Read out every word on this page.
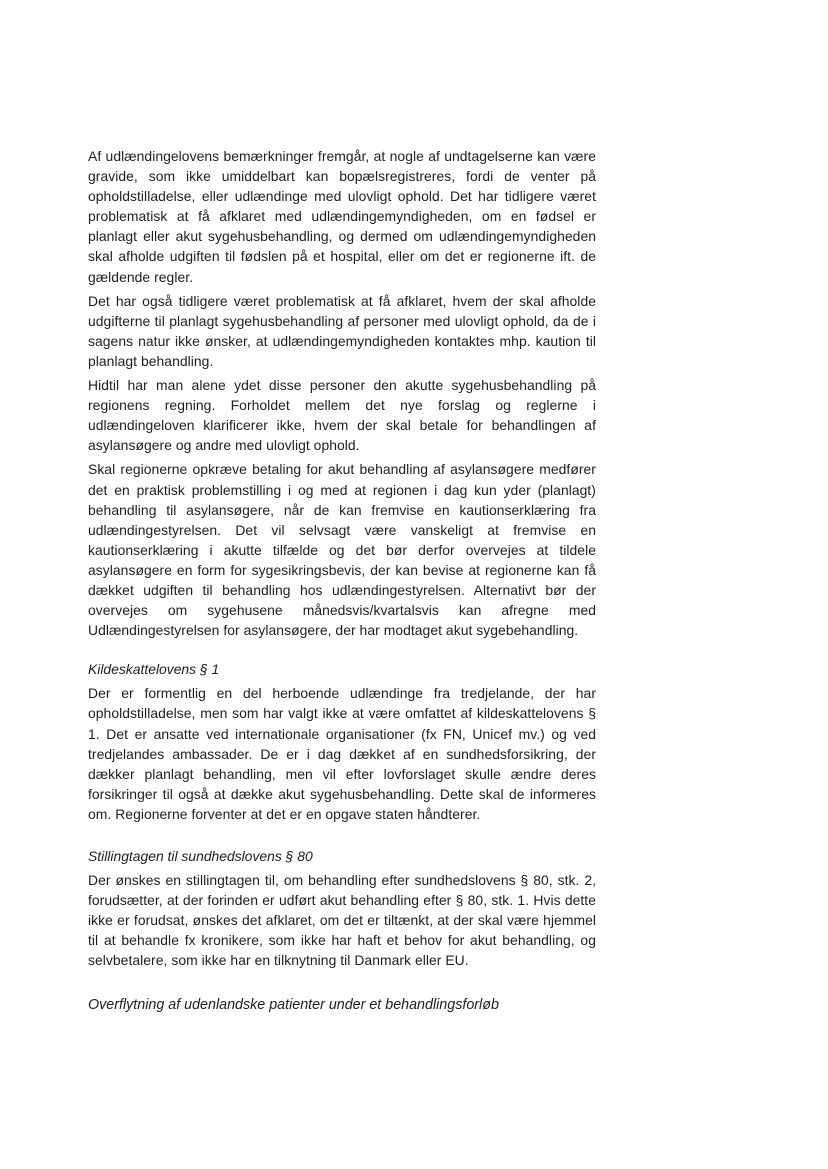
Af udlændingelovens bemærkninger fremgår, at nogle af undtagelserne kan være gravide, som ikke umiddelbart kan bopælsregistreres, fordi de venter på opholdstilladelse, eller udlændinge med ulovligt ophold. Det har tidligere været problematisk at få afklaret med udlændingemyndigheden, om en fødsel er planlagt eller akut sygehusbehandling, og dermed om udlændingemyndigheden skal afholde udgiften til fødslen på et hospital, eller om det er regionerne ift. de gældende regler.

Det har også tidligere været problematisk at få afklaret, hvem der skal afholde udgifterne til planlagt sygehusbehandling af personer med ulovligt ophold, da de i sagens natur ikke ønsker, at udlændingemyndigheden kontaktes mhp. kaution til planlagt behandling.

Hidtil har man alene ydet disse personer den akutte sygehusbehandling på regionens regning. Forholdet mellem det nye forslag og reglerne i udlændingeloven klarificerer ikke, hvem der skal betale for behandlingen af asylansøgere og andre med ulovligt ophold.

Skal regionerne opkræve betaling for akut behandling af asylansøgere medfører det en praktisk problemstilling i og med at regionen i dag kun yder (planlagt) behandling til asylansøgere, når de kan fremvise en kautionserklæring fra udlændingestyrelsen. Det vil selvsagt være vanskeligt at fremvise en kautionserklæring i akutte tilfælde og det bør derfor overvejes at tildele asylansøgere en form for sygesikringsbevis, der kan bevise at regionerne kan få dækket udgiften til behandling hos udlændingestyrelsen. Alternativt bør der overvejes om sygehusene månedsvis/kvartalsvis kan afregne med Udlændingestyrelsen for asylansøgere, der har modtaget akut sygebehandling.

Kildeskattelovens § 1

Der er formentlig en del herboende udlændinge fra tredjelande, der har opholdstilladelse, men som har valgt ikke at være omfattet af kildeskattelovens § 1. Det er ansatte ved internationale organisationer (fx FN, Unicef mv.) og ved tredjelandes ambassader. De er i dag dækket af en sundhedsforsikring, der dækker planlagt behandling, men vil efter lovforslaget skulle ændre deres forsikringer til også at dække akut sygehusbehandling. Dette skal de informeres om. Regionerne forventer at det er en opgave staten håndterer.

Stillingtagen til sundhedslovens § 80

Der ønskes en stillingtagen til, om behandling efter sundhedslovens § 80, stk. 2, forudsætter, at der forinden er udført akut behandling efter § 80, stk. 1. Hvis dette ikke er forudsat, ønskes det afklaret, om det er tiltænkt, at der skal være hjemmel til at behandle fx kronikere, som ikke har haft et behov for akut behandling, og selvbetalere, som ikke har en tilknytning til Danmark eller EU.

Overflytning af udenlandske patienter under et behandlingsforløb
